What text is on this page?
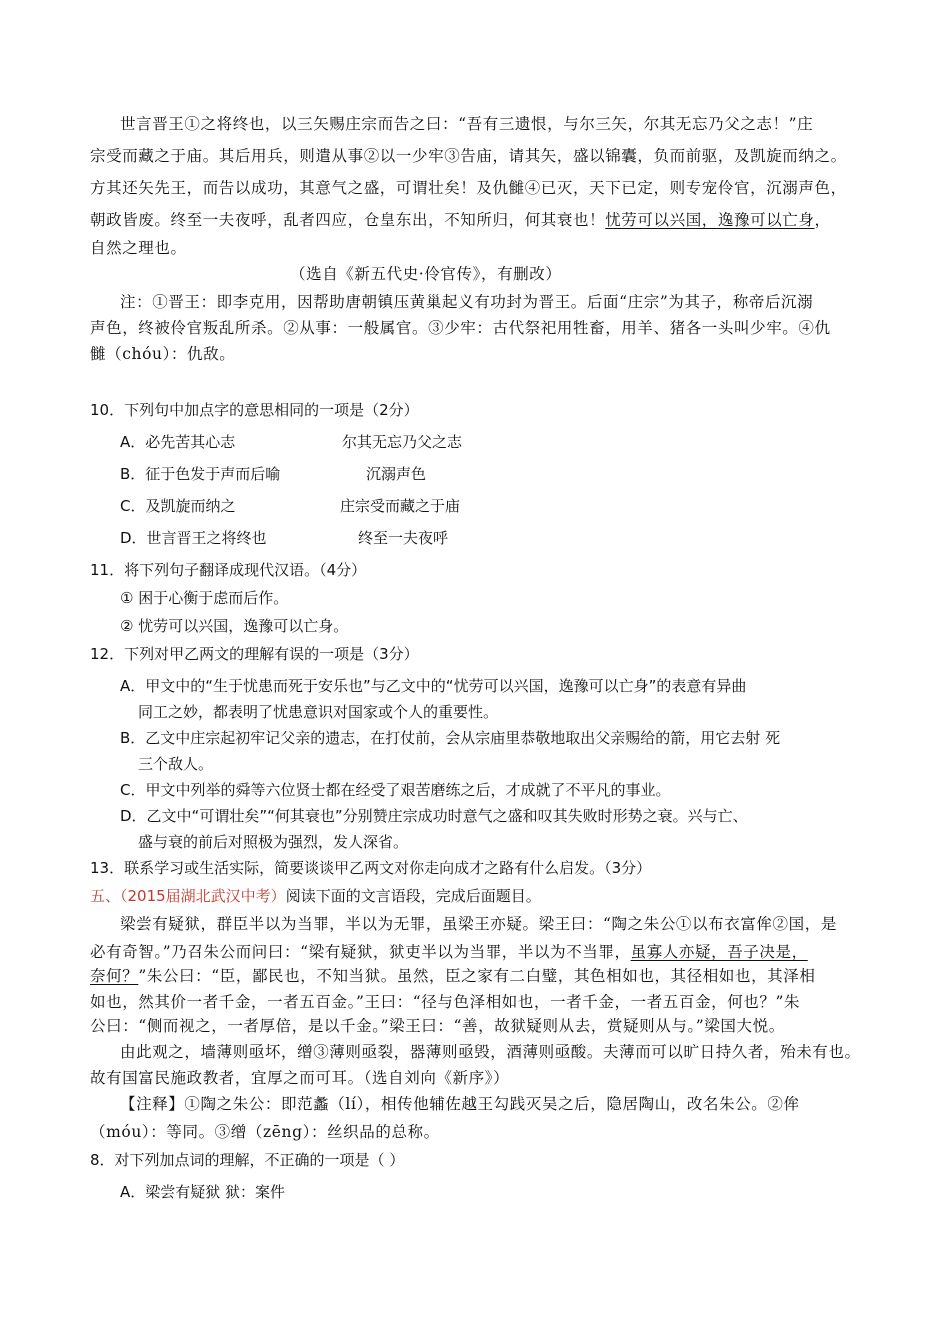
世言晋王①之将终也，以三矢赐庄宗而告之曰：“吾有三遗恨，与尔三矢，尔其无忘乃父之志！”庄
宗受而藏之于庙。其后用兵，则遣从事②以一少牢③告庙，请其矢，盛以锦囊，负而前驱，及凯旋而纳之。
方其还矢先王，而告以成功，其意气之盛，可谓壮矣！及仇雠④已灭，天下已定，则专宠伶官，沉溺声色，
朝政皆废。终至一夫夜呼，乱者四应，仓皇东出，不知所归，何其衰也！忧劳可以兴国，逸豫可以亡身，
自然之理也。
（选自《新五代史·伶官传》，有删改）
注：①晋王：即李克用，因帮助唐朝镇压黄巢起义有功封为晋王。后面“庄宗”为其子，称帝后沉溺
声色，终被伶官叛乱所杀。②从事：一般属官。③少牢：古代祭祀用牲畜，用羊、猪各一头叫少牢。④仇
雠（chóu）：仇敌。
10．下列句中加点字的意思相同的一项是（2分）
A．必先苦其心志	尔其无忘乃父之志
B．征于色发于声而后喻	沉溺声色
C．及凯旋而纳之	庄宗受而藏之于庙
D．世言晋王之将终也	终至一夫夜呼
11．将下列句子翻译成现代汉语。（4分）
① 困于心衡于虑而后作。
② 忧劳可以兴国，逸豫可以亡身。
12．下列对甲乙两文的理解有误的一项是（3分）
A．甲文中的“生于忧患而死于安乐也”与乙文中的“忧劳可以兴国，逸豫可以亡身”的表意有异曲
同工之妙，都表明了忧患意识对国家或个人的重要性。
B．乙文中庄宗起初牢记父亲的遗志，在打仗前，会从宗庙里恭敬地取出父亲赐给的箭，用它去射 死
三个敌人。
C．甲文中列举的舜等六位贤士都在经受了艰苦磨练之后，才成就了不平凡的事业。
D．乙文中“可谓壮矣”“何其衰也”分别赞庄宗成功时意气之盛和叹其失败时形势之衰。兴与亡、
盛与衰的前后对照极为强烈，发人深省。
13．联系学习或生活实际，简要谈谈甲乙两文对你走向成才之路有什么启发。（3分）
五、（2015届湖北武汉中考）阅读下面的文言语段，完成后面题目。
梁尝有疑狱，群臣半以为当罪，半以为无罪，虽梁王亦疑。梁王曰：“陶之朱公①以布衣富侔②国，是
必有奇智。”乃召朱公而问曰：“梁有疑狱，狱吏半以为当罪，半以为不当罪，虽寡人亦疑，吾子决是，
奈何？”朱公曰：“臣，鄙民也，不知当狱。虽然，臣之家有二白璧，其色相如也，其径相如也，其泽相
如也，然其价一者千金，一者五百金。”王曰：“径与色泽相如也，一者千金，一者五百金，何也？”朱
公曰：“侧而视之，一者厚倍，是以千金。”梁王曰：“善，故狱疑则从去，赏疑则从与。”梁国大悦。
由此观之，墙薄则亟坏，缯③薄则亟裂，器薄则亟毁，酒薄则亟酸。夫薄而可以旷日持久者，殆未有也。
故有国富民施政教者，宜厚之而可耳。（选自刘向《新序》）
【注释】①陶之朱公：即范蠡（lí），相传他辅佐越王勾践灭吴之后，隐居陶山，改名朱公。②侔
（móu）：等同。③缯（zēng）：丝织品的总称。
8．对下列加点词的理解，不正确的一项是（ ）
A．梁尝有疑狱 狱：案件
